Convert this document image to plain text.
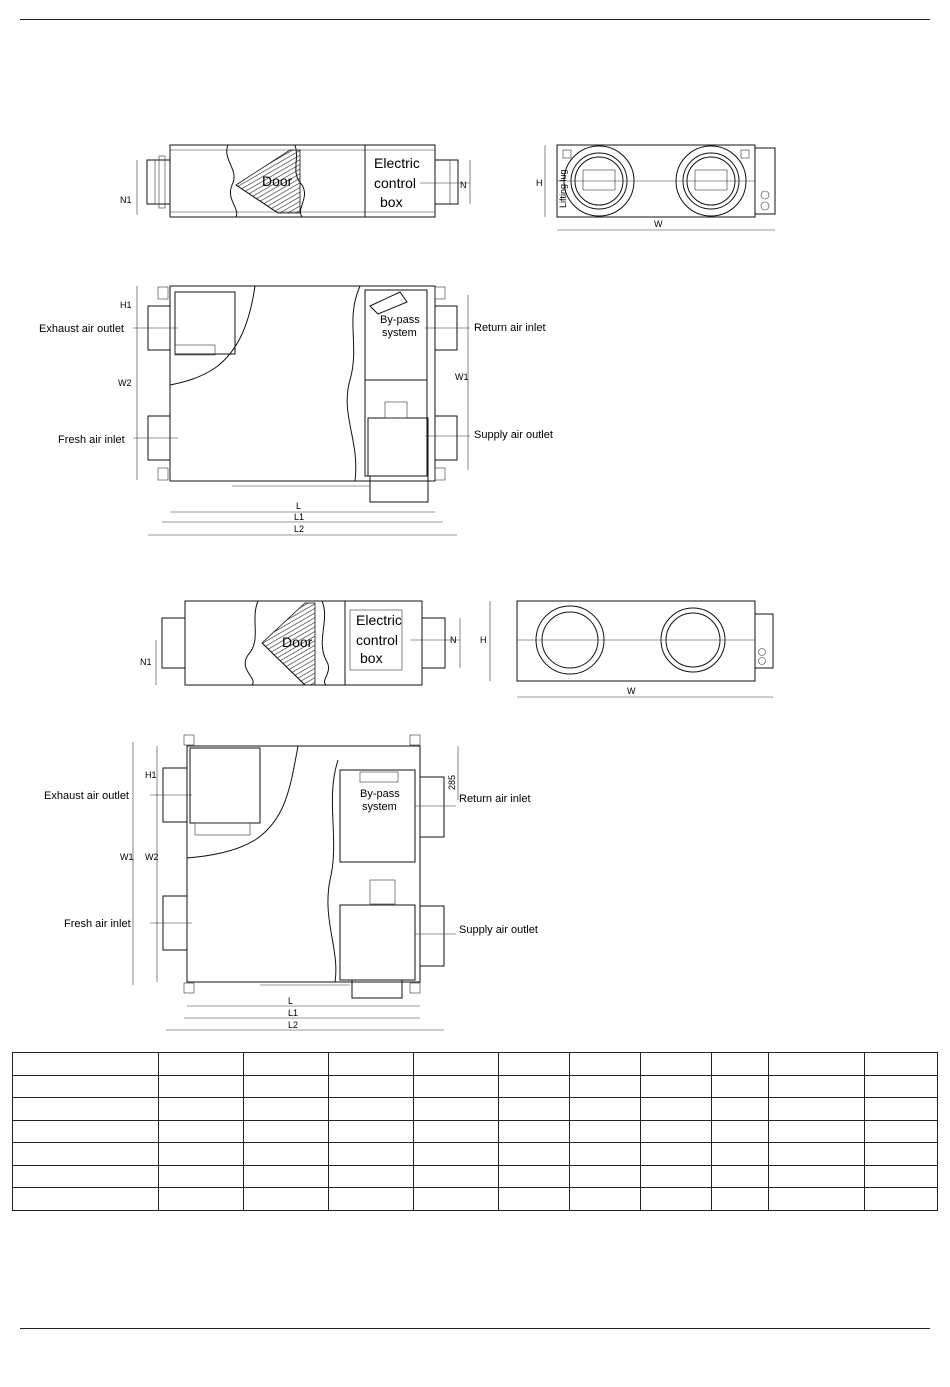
Door
Electric
control
box
N
N1
H Lifting lug
W
By-pass
system
Exhaust air outlet
Fresh air inlet
Return air inlet
Supply air outlet
H1
W2
W1
L
L1
L2
Door
Electric
control
box
N
N1
H
W
By-pass
system
Exhaust air outlet
Fresh air inlet
Return air inlet
Supply air outlet
W1 W2
H1	285
L
L1
L2
